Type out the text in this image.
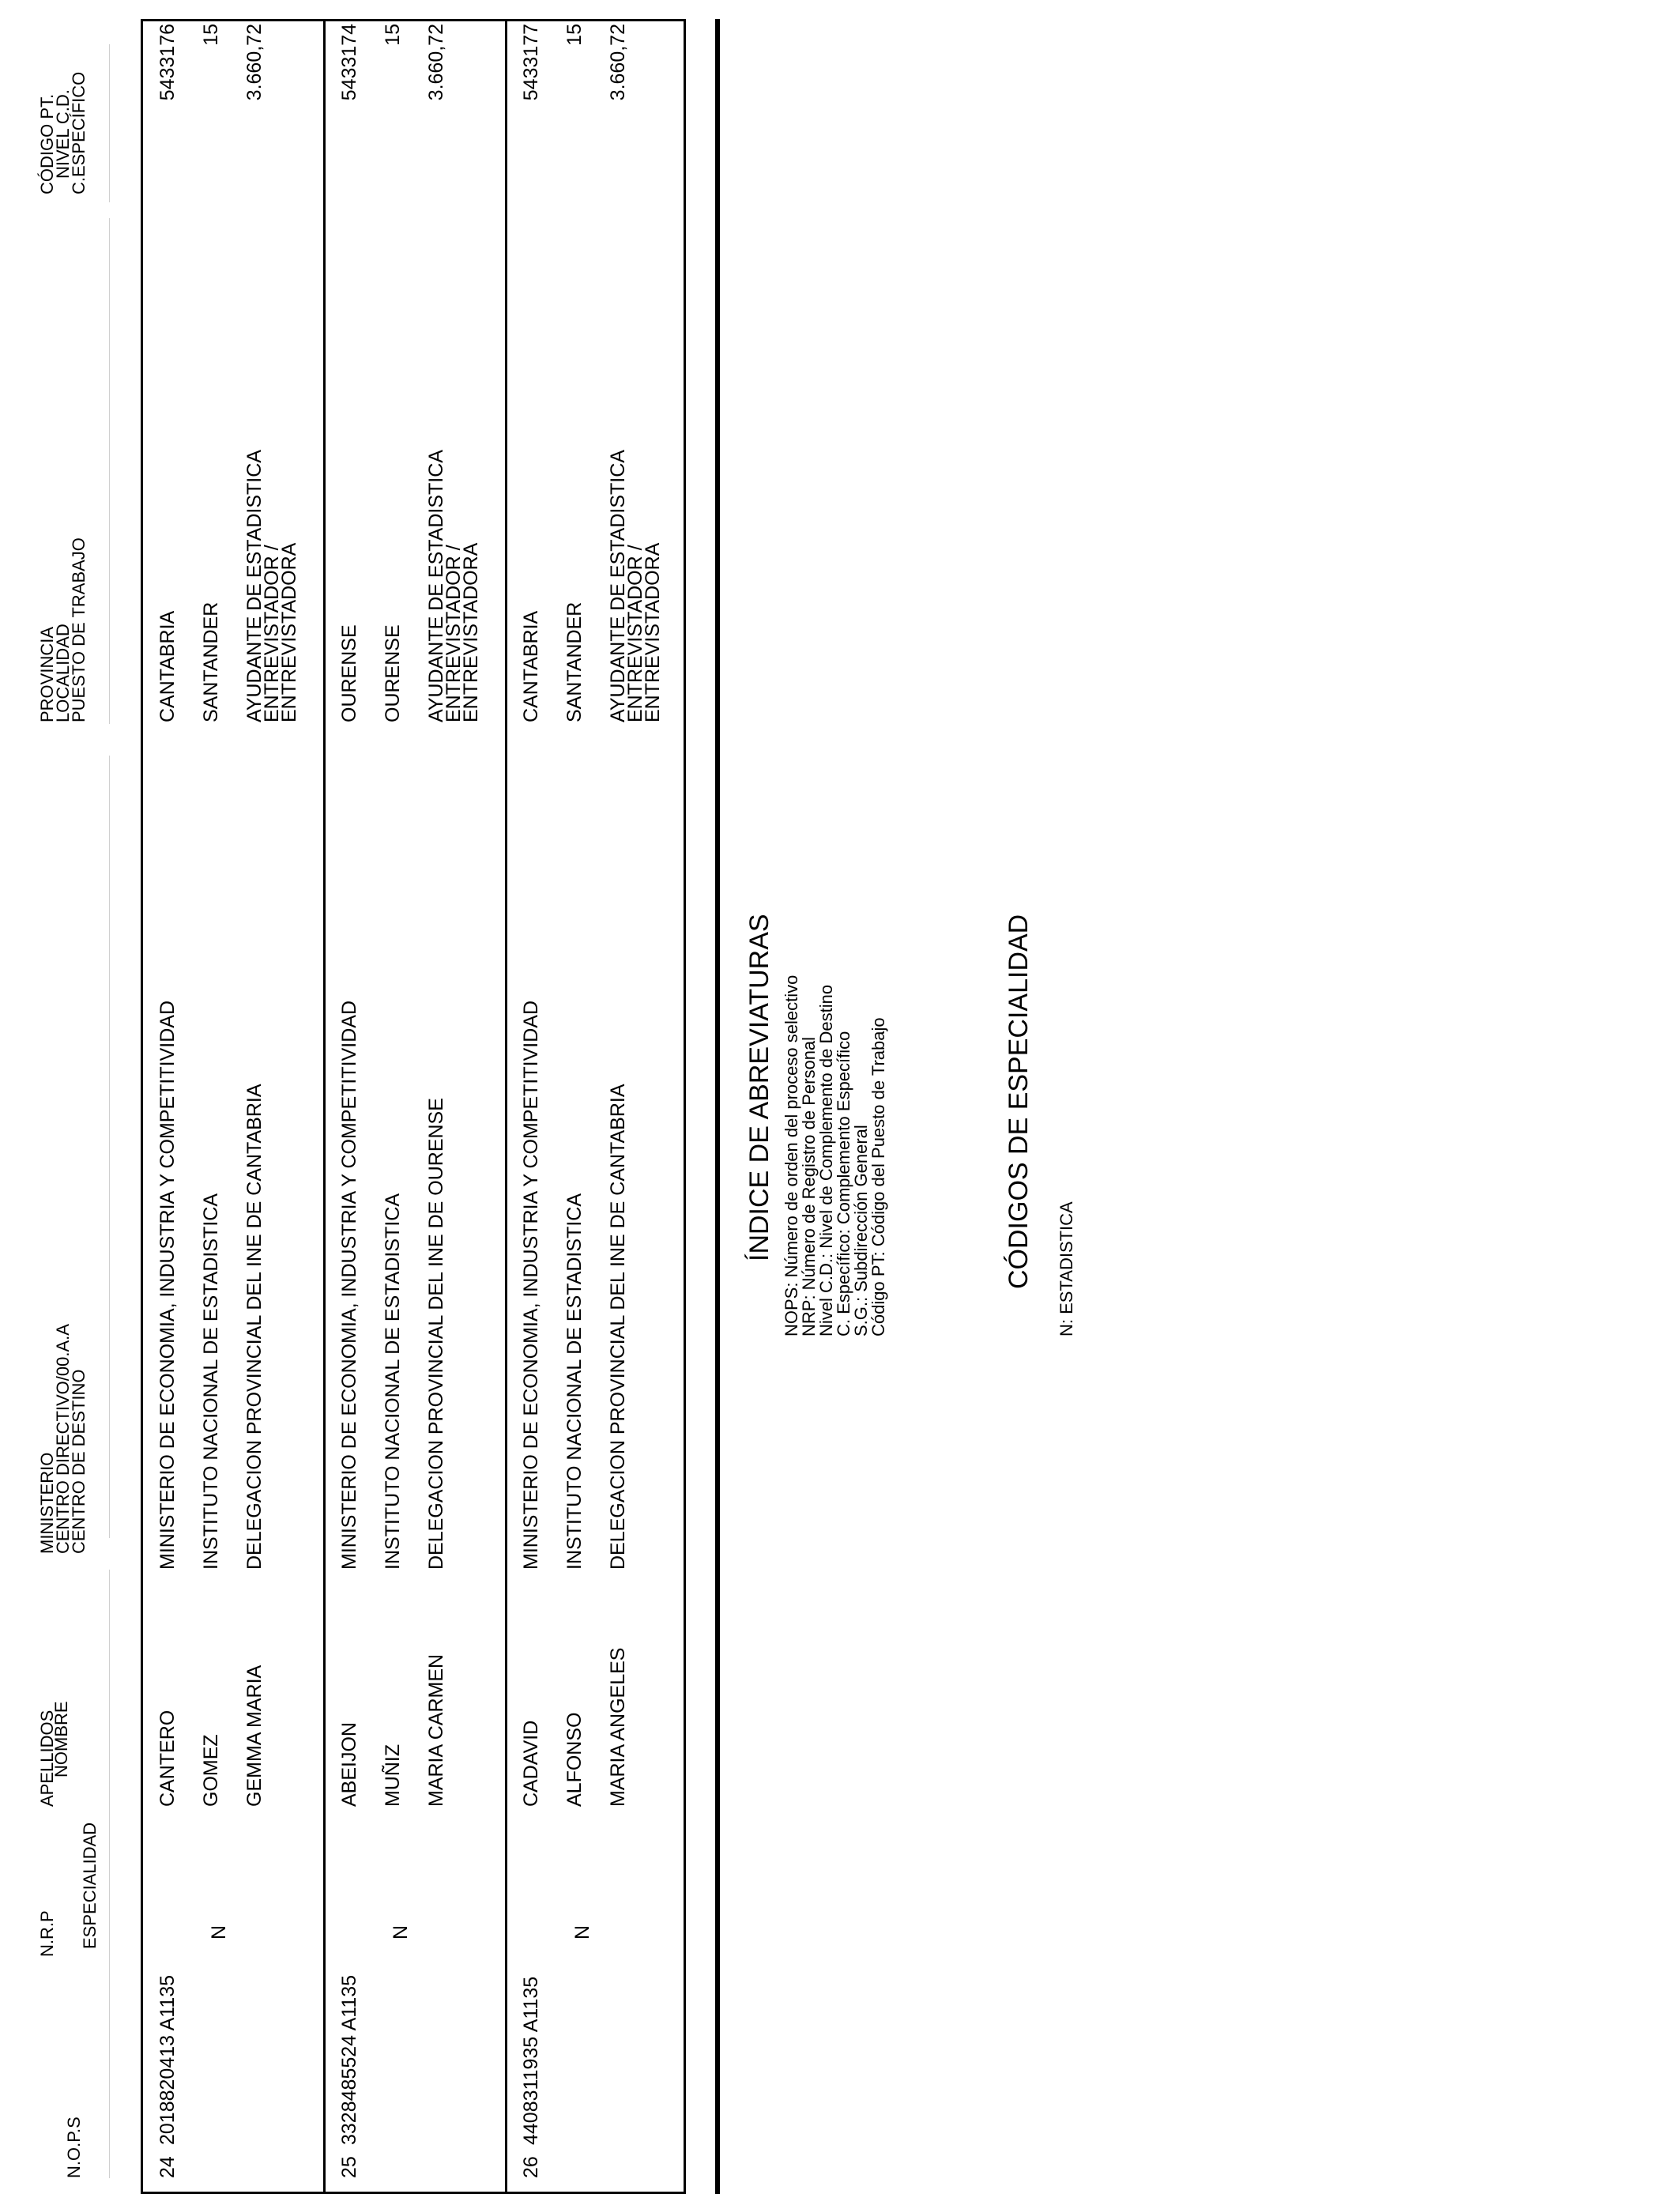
N.O.P.S
N.R.P ESPECIALIDAD
APELLIDOS
NOMBRE
MINISTERIO
CENTRO DIRECTIVO/00.A.A
CENTRO DE DESTINO
PROVINCIA
LOCALIDAD
PUESTO DE TRABAJO
CÓDIGO PT.
NIVEL C.D.
C.ESPECÍFICO
24
2018820413 A1135
N
CANTERO GOMEZ GEMMA MARIA
MINISTERIO DE ECONOMIA, INDUSTRIA Y COMPETITIVIDAD INSTITUTO NACIONAL DE ESTADISTICA DELEGACION PROVINCIAL DEL INE DE CANTABRIA
CANTABRIA SANTANDER AYUDANTE DE ESTADISTICA
ENTREVISTADOR /
ENTREVISTADORA
5433176 15 3.660,72
25
3328485524 A1135
N
ABEIJON MUÑIZ MARIA CARMEN
MINISTERIO DE ECONOMIA, INDUSTRIA Y COMPETITIVIDAD INSTITUTO NACIONAL DE ESTADISTICA DELEGACION PROVINCIAL DEL INE DE OURENSE
OURENSE OURENSE AYUDANTE DE ESTADISTICA
ENTREVISTADOR /
ENTREVISTADORA
5433174 15 3.660,72
26
4408311935 A1135
N
CADAVID ALFONSO MARIA ANGELES
MINISTERIO DE ECONOMIA, INDUSTRIA Y COMPETITIVIDAD INSTITUTO NACIONAL DE ESTADISTICA DELEGACION PROVINCIAL DEL INE DE CANTABRIA
CANTABRIA SANTANDER AYUDANTE DE ESTADISTICA
ENTREVISTADOR /
ENTREVISTADORA
5433177 15 3.660,72
ÍNDICE DE ABREVIATURAS NOPS: Número de orden del proceso selectivo
NRP: Número de Registro de Personal
Nivel C.D.: Nivel de Complemento de Destino
C. Específico: Complemento Específico
S.G.: Subdirección General
Código PT: Código del Puesto de Trabajo	CÓDIGOS DE ESPECIALIDAD N: ESTADISTICA
